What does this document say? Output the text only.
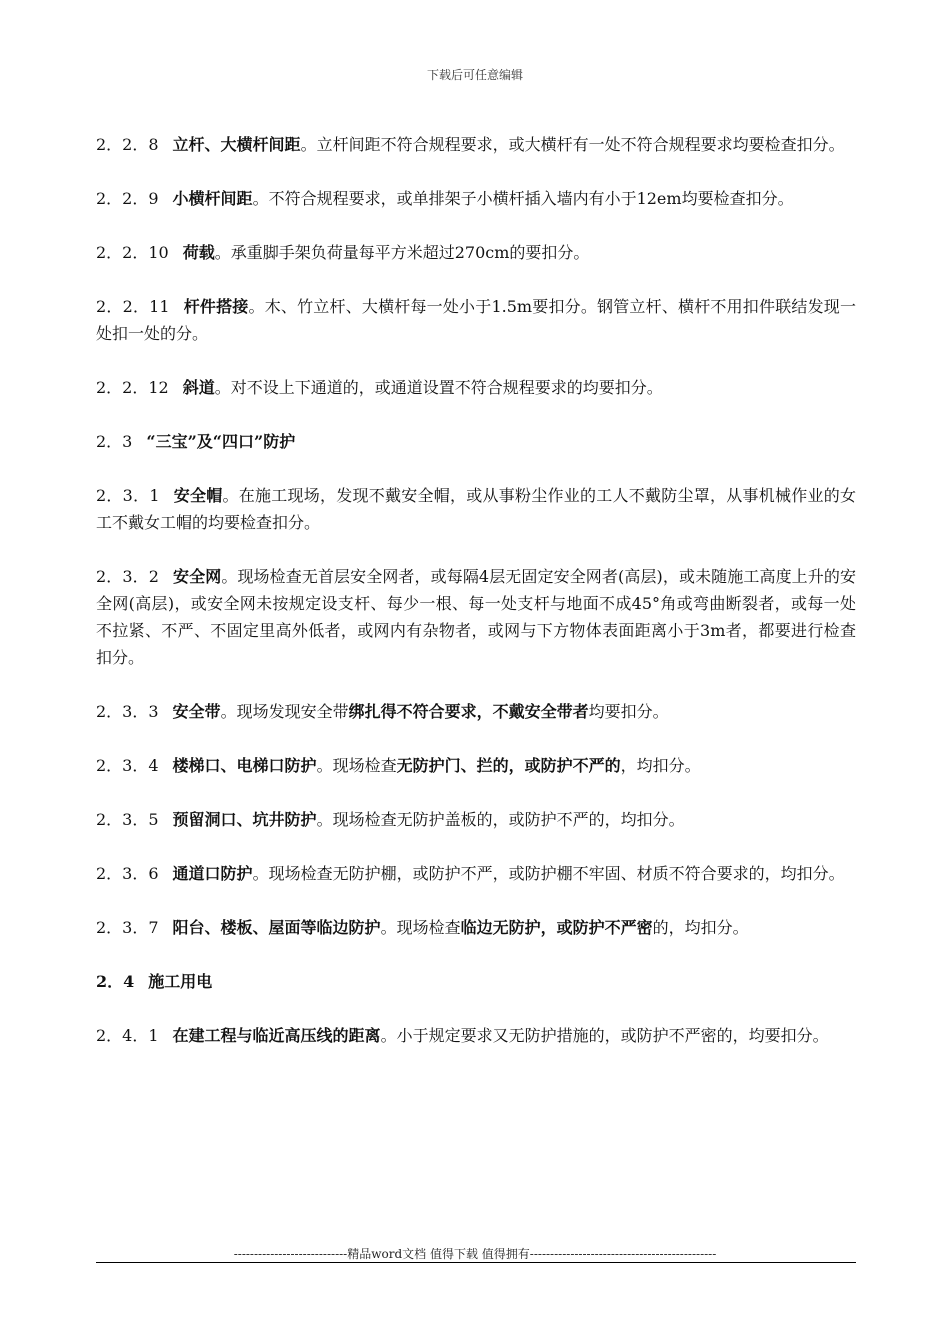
下载后可任意编辑

2．2．8 立杆、大横杆间距。立杆间距不符合规程要求，或大横杆有一处不符合规程要求均要检查扣分。

2．2．9 小横杆间距。不符合规程要求，或单排架子小横杆插入墙内有小于12em均要检查扣分。

2．2．10 荷载。承重脚手架负荷量每平方米超过270cm的要扣分。

2．2．11 杆件搭接。木、竹立杆、大横杆每一处小于1.5m要扣分。钢管立杆、横杆不用扣件联结发现一处扣一处的分。

2．2．12 斜道。对不设上下通道的，或通道设置不符合规程要求的均要扣分。

2．3 “三宝”及“四口”防护

2．3．1 安全帽。在施工现场，发现不戴安全帽，或从事粉尘作业的工人不戴防尘罩，从事机械作业的女工不戴女工帽的均要检查扣分。

2．3．2 安全网。现场检查无首层安全网者，或每隔4层无固定安全网者(高层)，或未随施工高度上升的安全网(高层)，或安全网未按规定设支杆、每少一根、每一处支杆与地面不成45°角或弯曲断裂者，或每一处不拉紧、不严、不固定里高外低者，或网内有杂物者，或网与下方物体表面距离小于3m者，都要进行检查扣分。

2．3．3 安全带。现场发现安全带绑扎得不符合要求，不戴安全带者均要扣分。

2．3．4 楼梯口、电梯口防护。现场检查无防护门、拦的，或防护不严的，均扣分。

2．3．5 预留洞口、坑井防护。现场检查无防护盖板的，或防护不严的，均扣分。

2．3．6 通道口防护。现场检查无防护棚，或防护不严，或防护棚不牢固、材质不符合要求的，均扣分。

2．3．7 阳台、楼板、屋面等临边防护。现场检查临边无防护，或防护不严密的，均扣分。

2．4 施工用电

2．4．1 在建工程与临近高压线的距离。小于规定要求又无防护措施的，或防护不严密的，均要扣分。

----------------------------精品word文档 值得下载 值得拥有----------------------------------------------
